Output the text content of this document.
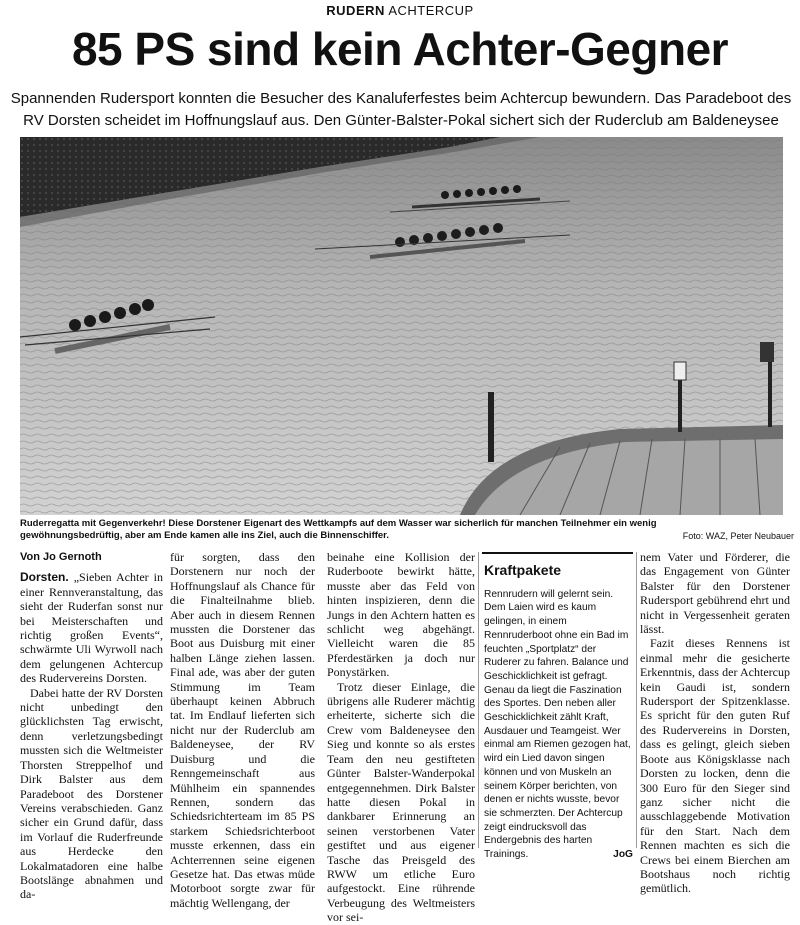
RUDERN ACHTERCUP
85 PS sind kein Achter-Gegner
Spannenden Rudersport konnten die Besucher des Kanaluferfestes beim Achtercup bewundern. Das Paradeboot des RV Dorsten scheidet im Hoffnungslauf aus. Den Günter-Balster-Pokal sichert sich der Ruderclub am Baldeneysee
Ruderregatta mit Gegenverkehr! Diese Dorstener Eigenart des Wettkampfs auf dem Wasser war sicherlich für manchen Teilnehmer ein wenig gewöhnungsbedrüftig, aber am Ende kamen alle ins Ziel, auch die Binnenschiffer.	Foto: WAZ, Peter Neubauer
Von Jo Gernoth

Dorsten. „Sieben Achter in einer Rennveranstaltung, das sieht der Ruderfan sonst nur bei Meisterschaften und richtig großen Events“, schwärmte Uli Wyrwoll nach dem gelungenen Achtercup des Rudervereins Dorsten.

Dabei hatte der RV Dorsten nicht unbedingt den glücklichsten Tag erwischt, denn verletzungsbedingt mussten sich die Weltmeister Thorsten Streppelhof und Dirk Balster aus dem Paradeboot des Dorstener Vereins verabschieden. Ganz sicher ein Grund dafür, dass im Vorlauf die Ruderfreunde aus Herdecke den Lokalmatadoren eine halbe Bootslänge abnahmen und da-

für sorgten, dass den Dorstenern nur noch der Hoffnungslauf als Chance für die Finalteilnahme blieb. Aber auch in diesem Rennen mussten die Dorstener das Boot aus Duisburg mit einer halben Länge ziehen lassen. Final ade, was aber der guten Stimmung im Team überhaupt keinen Abbruch tat. Im Endlauf lieferten sich nicht nur der Ruderclub am Baldeneysee, der RV Duisburg und die Renngemeinschaft aus Mühlheim ein spannendes Rennen, sondern das Schiedsrichterteam im 85 PS starkem Schiedsrichterboot musste erkennen, dass ein Achterrennen seine eigenen Gesetze hat. Das etwas müde Motorboot sorgte zwar für mächtig Wellengang, der

beinahe eine Kollision der Ruderboote bewirkt hätte, musste aber das Feld von hinten inspizieren, denn die Jungs in den Achtern hatten es schlicht weg abgehängt. Vielleicht waren die 85 Pferdestärken ja doch nur Ponystärken.

Trotz dieser Einlage, die übrigens alle Ruderer mächtig erheiterte, sicherte sich die Crew vom Baldeneysee den Sieg und konnte so als erstes Team den neu gestifteten Günter Balster-Wanderpokal entgegennehmen. Dirk Balster hatte diesen Pokal in dankbarer Erinnerung an seinen verstorbenen Vater gestiftet und aus eigener Tasche das Preisgeld des RWW um etliche Euro aufgestockt. Eine rührende Verbeugung des Weltmeisters vor sei-

Kraftpakete
Rennrudern will gelernt sein. Dem Laien wird es kaum gelingen, in einem Rennruderboot ohne ein Bad im feuchten „Sportplatz“ der Ruderer zu fahren. Balance und Geschicklichkeit ist gefragt. Genau da liegt die Faszination des Sportes. Den neben aller Geschicklichkeit zählt Kraft, Ausdauer und Teamgeist. Wer einmal am Riemen gezogen hat, wird ein Lied davon singen können und von Muskeln an seinem Körper berichten, von denen er nichts wusste, bevor sie schmerzten. Der Achtercup zeigt eindrucksvoll das Endergebnis des harten Trainings.	JoG

nem Vater und Förderer, die das Engagement von Günter Balster für den Dorstener Rudersport gebührend ehrt und nicht in Vergessenheit geraten lässt.

Fazit dieses Rennens ist einmal mehr die gesicherte Erkenntnis, dass der Achtercup kein Gaudi ist, sondern Rudersport der Spitzenklasse. Es spricht für den guten Ruf des Rudervereins in Dorsten, dass es gelingt, gleich sieben Boote aus Königsklasse nach Dorsten zu locken, denn die 300 Euro für den Sieger sind ganz sicher nicht die ausschlaggebende Motivation für den Start. Nach dem Rennen machten es sich die Crews bei einem Bierchen am Bootshaus noch richtig gemütlich.
